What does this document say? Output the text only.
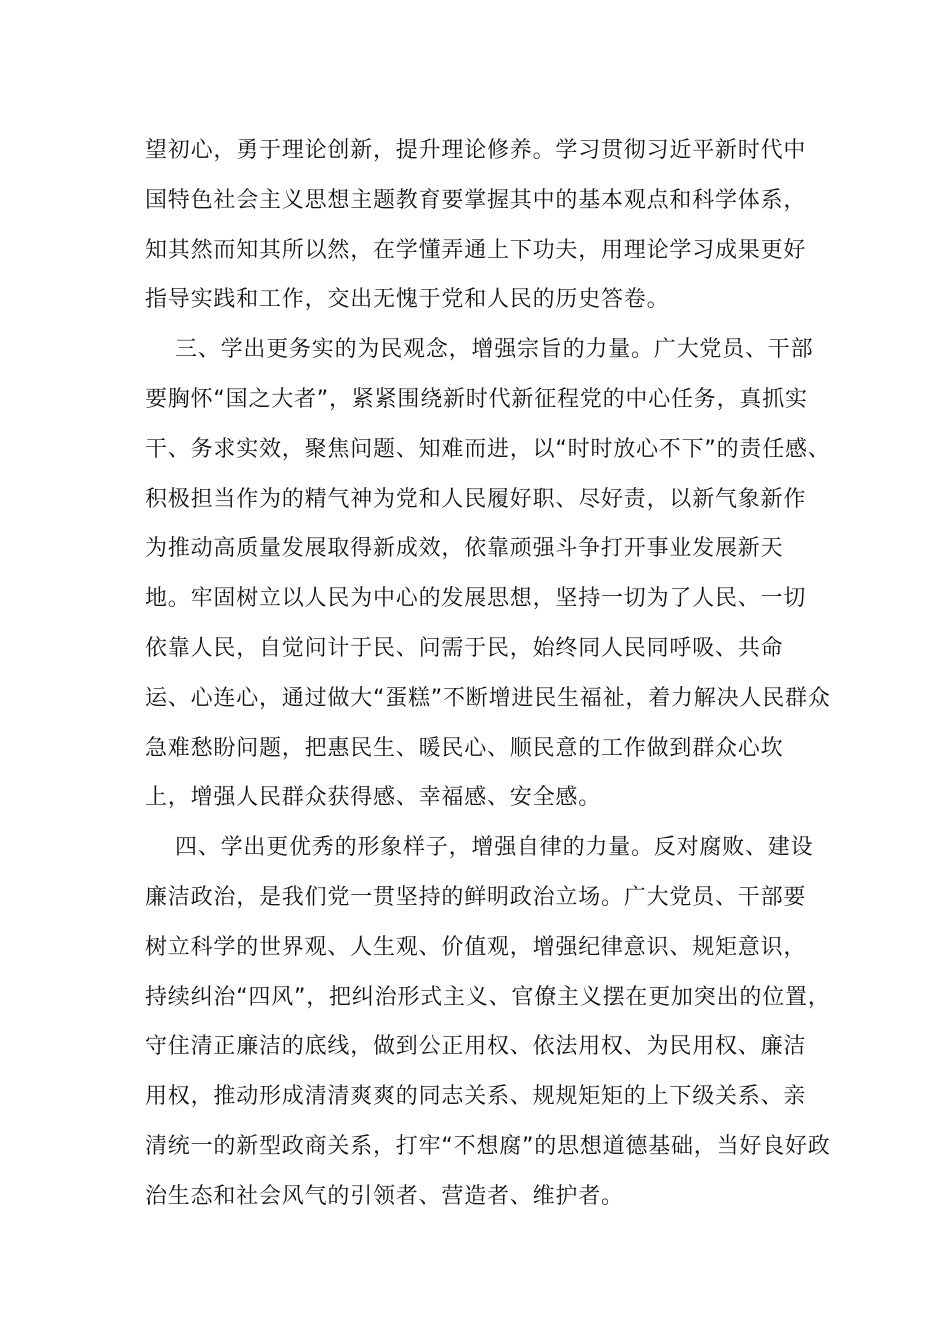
望初心，勇于理论创新，提升理论修养。学习贯彻习近平新时代中
国特色社会主义思想主题教育要掌握其中的基本观点和科学体系，
知其然而知其所以然，在学懂弄通上下功夫，用理论学习成果更好
指导实践和工作，交出无愧于党和人民的历史答卷。
三、学出更务实的为民观念，增强宗旨的力量。广大党员、干部
要胸怀“国之大者”，紧紧围绕新时代新征程党的中心任务，真抓实
干、务求实效，聚焦问题、知难而进，以“时时放心不下”的责任感、
积极担当作为的精气神为党和人民履好职、尽好责，以新气象新作
为推动高质量发展取得新成效，依靠顽强斗争打开事业发展新天
地。牢固树立以人民为中心的发展思想，坚持一切为了人民、一切
依靠人民，自觉问计于民、问需于民，始终同人民同呼吸、共命
运、心连心，通过做大“蛋糕”不断增进民生福祉，着力解决人民群众
急难愁盼问题，把惠民生、暖民心、顺民意的工作做到群众心坎
上，增强人民群众获得感、幸福感、安全感。
四、学出更优秀的形象样子，增强自律的力量。反对腐败、建设
廉洁政治，是我们党一贯坚持的鲜明政治立场。广大党员、干部要
树立科学的世界观、人生观、价值观，增强纪律意识、规矩意识，
持续纠治“四风”，把纠治形式主义、官僚主义摆在更加突出的位置，
守住清正廉洁的底线，做到公正用权、依法用权、为民用权、廉洁
用权，推动形成清清爽爽的同志关系、规规矩矩的上下级关系、亲
清统一的新型政商关系，打牢“不想腐”的思想道德基础，当好良好政
治生态和社会风气的引领者、营造者、维护者。
